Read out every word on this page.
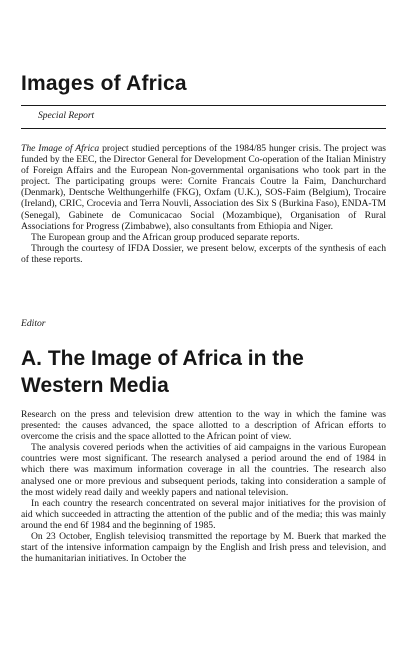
Images of Africa
Special Report

The Image of Africa project studied perceptions of the 1984/85 hunger crisis. The project was funded by the EEC, the Director General for Development Co-operation of the Italian Ministry of Foreign Affairs and the European Non-governmental organisations who took part in the project. The participating groups were: Cornite Francais Coutre la Faim, Danchurchard (Denmark), Dentsche Welthungerhilfe (FKG), Oxfam (U.K.), SOS-Faim (Belgium), Trocaire (Ireland), CRIC, Crocevia and Terra Nouvli, Association des Six S (Burkina Faso), ENDA-TM (Senegal), Gabinete de Comunicacao Social (Mozambique), Organisation of Rural Associations for Progress (Zimbabwe), also consultants from Ethiopia and Niger.

The European group and the African group produced separate reports.

Through the courtesy of IFDA Dossier, we present below, excerpts of the synthesis of each of these reports.

Editor
A. The Image of Africa in the
Western Media

Research on the press and television drew attention to the way in which the famine was presented: the causes advanced, the space allotted to a description of African efforts to overcome the crisis and the space allotted to the African point of view.

The analysis covered periods when the activities of aid campaigns in the various European countries were most significant. The research analysed a period around the end of 1984 in which there was maximum information coverage in all the countries. The research also analysed one or more previous and subsequent periods, taking into consideration a sample of the most widely read daily and weekly papers and national television.

In each country the research concentrated on several major initiatives for the provision of aid which succeeded in attracting the attention of the public and of the media; this was mainly around the end 6f 1984 and the beginning of 1985.

On 23 October, English televisioq transmitted the reportage by M. Buerk that marked the start of the intensive information campaign by the English and Irish press and television, and the humanitarian initiatives. In October the
